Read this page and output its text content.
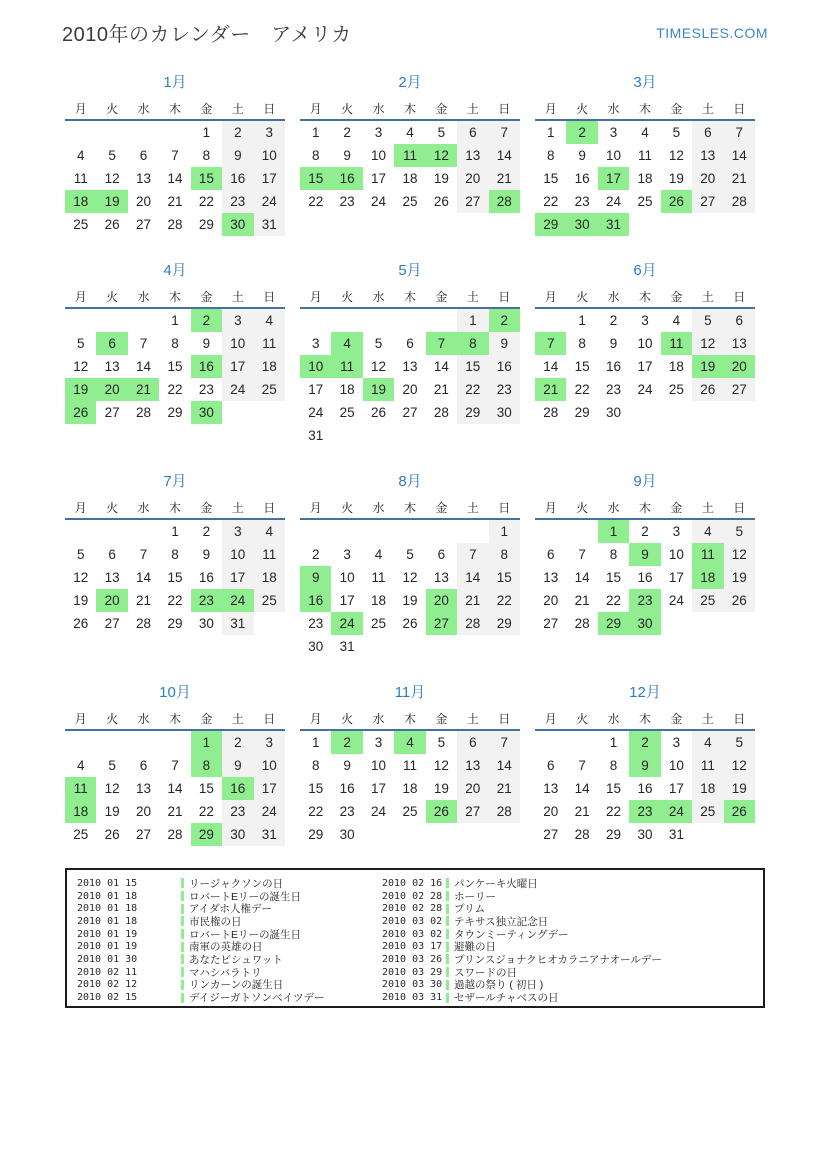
2010年のカレンダー　アメリカ	TIMESLES.COM
1月
月	火	水	木	金	土	日
				1	2	3
4	5	6	7	8	9	10
11	12	13	14	15	16	17
18	19	20	21	22	23	24
25	26	27	28	29	30	31
2月
月	火	水	木	金	土	日
1	2	3	4	5	6	7
8	9	10	11	12	13	14
15	16	17	18	19	20	21
22	23	24	25	26	27	28
3月
月	火	水	木	金	土	日
1	2	3	4	5	6	7
8	9	10	11	12	13	14
15	16	17	18	19	20	21
22	23	24	25	26	27	28
29	30	31				
4月
月	火	水	木	金	土	日
			1	2	3	4
5	6	7	8	9	10	11
12	13	14	15	16	17	18
19	20	21	22	23	24	25
26	27	28	29	30		
5月
月	火	水	木	金	土	日
					1	2
3	4	5	6	7	8	9
10	11	12	13	14	15	16
17	18	19	20	21	22	23
24	25	26	27	28	29	30
31						
6月
月	火	水	木	金	土	日
	1	2	3	4	5	6
7	8	9	10	11	12	13
14	15	16	17	18	19	20
21	22	23	24	25	26	27
28	29	30				
7月
月	火	水	木	金	土	日
			1	2	3	4
5	6	7	8	9	10	11
12	13	14	15	16	17	18
19	20	21	22	23	24	25
26	27	28	29	30	31	
8月
月	火	水	木	金	土	日
						1
2	3	4	5	6	7	8
9	10	11	12	13	14	15
16	17	18	19	20	21	22
23	24	25	26	27	28	29
30	31					
9月
月	火	水	木	金	土	日
		1	2	3	4	5
6	7	8	9	10	11	12
13	14	15	16	17	18	19
20	21	22	23	24	25	26
27	28	29	30			
10月
月	火	水	木	金	土	日
				1	2	3
4	5	6	7	8	9	10
11	12	13	14	15	16	17
18	19	20	21	22	23	24
25	26	27	28	29	30	31
11月
月	火	水	木	金	土	日
1	2	3	4	5	6	7
8	9	10	11	12	13	14
15	16	17	18	19	20	21
22	23	24	25	26	27	28
29	30					
12月
月	火	水	木	金	土	日
		1	2	3	4	5
6	7	8	9	10	11	12
13	14	15	16	17	18	19
20	21	22	23	24	25	26
27	28	29	30	31		
2010 01 15	リージャクソンの日
2010 01 18	ロバートEリーの誕生日
2010 01 18	アイダホ人権デー
2010 01 18	市民権の日
2010 01 19	ロバートEリーの誕生日
2010 01 19	南軍の英雄の日
2010 01 30	あなたビシュワット
2010 02 11	マハシバラトリ
2010 02 12	リンカーンの誕生日
2010 02 15	デイジーガトソンベイツデー
2010 02 16	パンケーキ火曜日
2010 02 28	ホーリー
2010 02 28	プリム
2010 03 02	テキサス独立記念日
2010 03 02	タウンミーティングデー
2010 03 17	避難の日
2010 03 26	プリンスジョナクヒオカラニアナオールデー
2010 03 29	スワードの日
2010 03 30	過越の祭り ( 初日 )
2010 03 31	セザールチャベスの日
